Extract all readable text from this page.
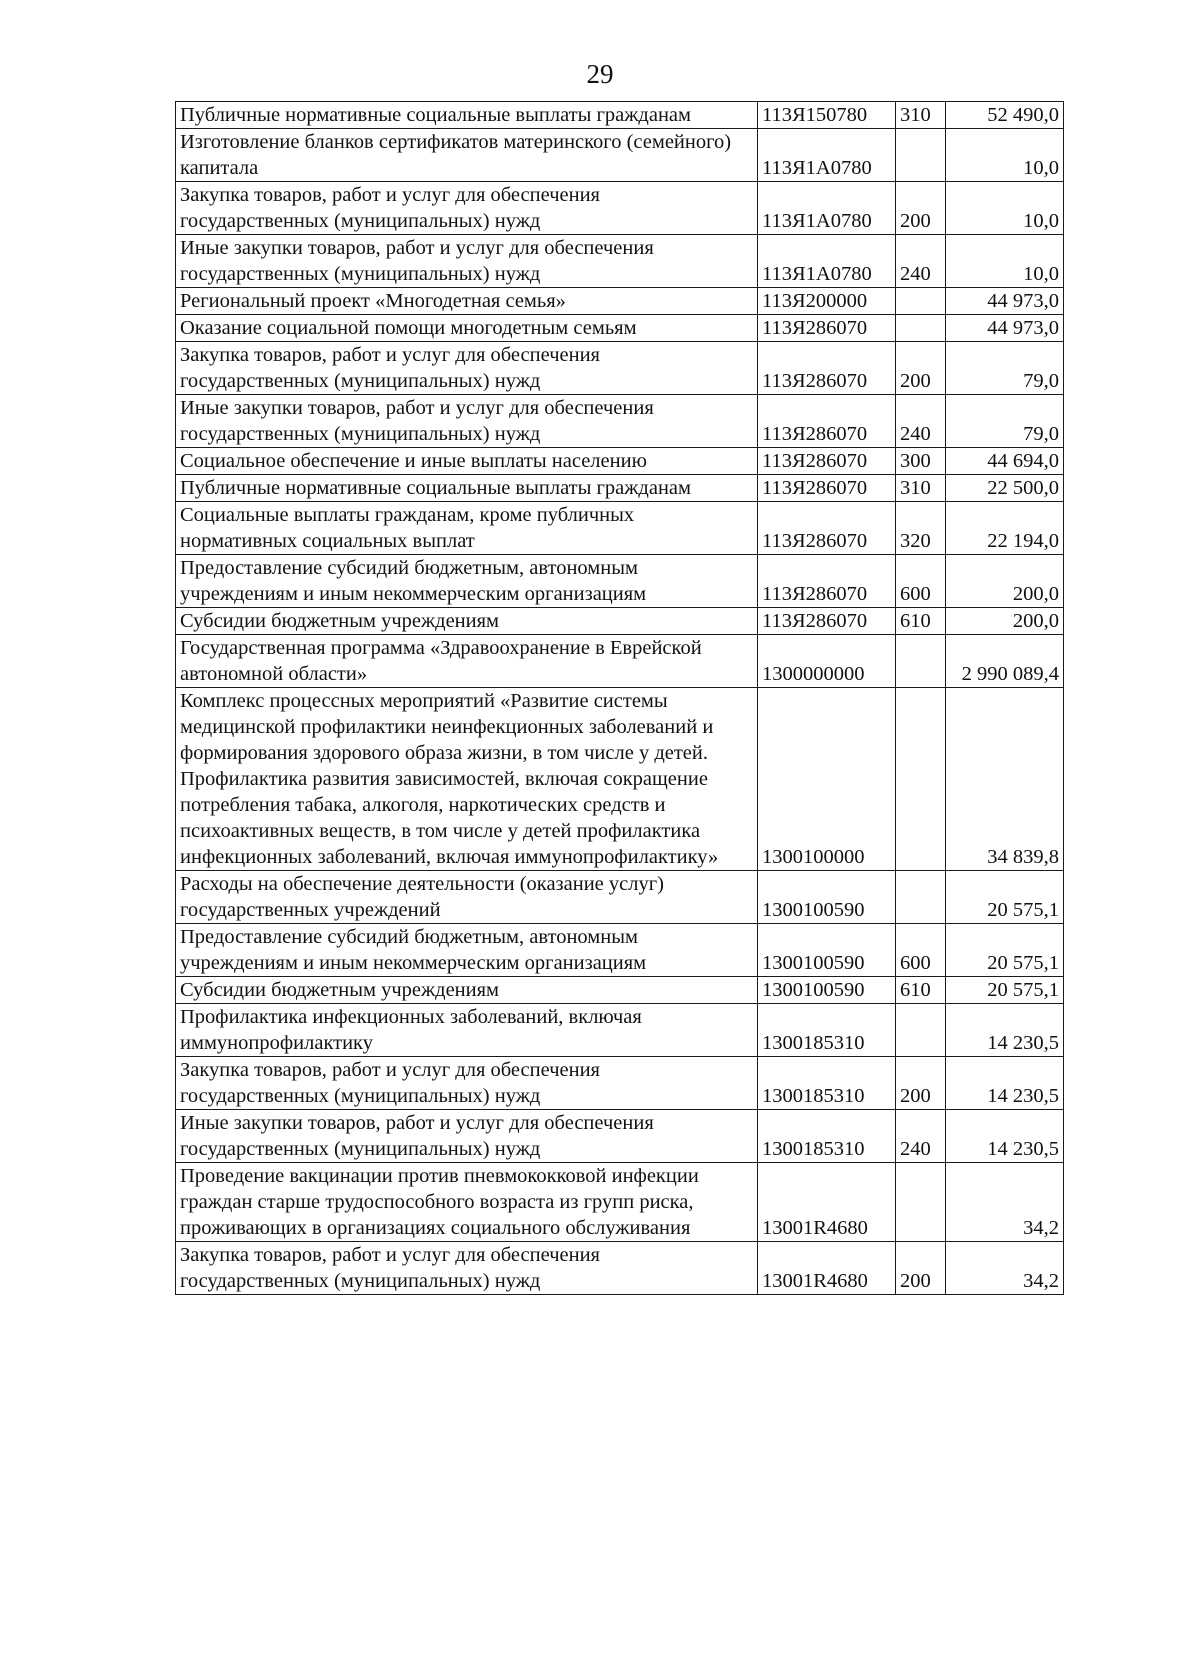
29
Публичные нормативные социальные выплаты гражданам	113Я150780	310	52 490,0
Изготовление бланков сертификатов материнского (семейного) капитала	113Я1А0780		10,0
Закупка товаров, работ и услуг для обеспечения государственных (муниципальных) нужд	113Я1А0780	200	10,0
Иные закупки товаров, работ и услуг для обеспечения государственных (муниципальных) нужд	113Я1А0780	240	10,0
Региональный проект «Многодетная семья»	113Я200000		44 973,0
Оказание социальной помощи многодетным семьям	113Я286070		44 973,0
Закупка товаров, работ и услуг для обеспечения государственных (муниципальных) нужд	113Я286070	200	79,0
Иные закупки товаров, работ и услуг для обеспечения государственных (муниципальных) нужд	113Я286070	240	79,0
Социальное обеспечение и иные выплаты населению	113Я286070	300	44 694,0
Публичные нормативные социальные выплаты гражданам	113Я286070	310	22 500,0
Социальные выплаты гражданам, кроме публичных нормативных социальных выплат	113Я286070	320	22 194,0
Предоставление субсидий бюджетным, автономным учреждениям и иным некоммерческим организациям	113Я286070	600	200,0
Субсидии бюджетным учреждениям	113Я286070	610	200,0
Государственная программа «Здравоохранение в Еврейской автономной области»	1300000000		2 990 089,4
Комплекс процессных мероприятий «Развитие системы медицинской профилактики неинфекционных заболеваний и формирования здорового образа жизни, в том числе у детей. Профилактика развития зависимостей, включая сокращение потребления табака, алкоголя, наркотических средств и психоактивных веществ, в том числе у детей профилактика инфекционных заболеваний, включая иммунопрофилактику»	1300100000		34 839,8
Расходы на обеспечение деятельности (оказание услуг) государственных учреждений	1300100590		20 575,1
Предоставление субсидий бюджетным, автономным учреждениям и иным некоммерческим организациям	1300100590	600	20 575,1
Субсидии бюджетным учреждениям	1300100590	610	20 575,1
Профилактика инфекционных заболеваний, включая иммунопрофилактику	1300185310		14 230,5
Закупка товаров, работ и услуг для обеспечения государственных (муниципальных) нужд	1300185310	200	14 230,5
Иные закупки товаров, работ и услуг для обеспечения государственных (муниципальных) нужд	1300185310	240	14 230,5
Проведение вакцинации против пневмококковой инфекции граждан старше трудоспособного возраста из групп риска, проживающих в организациях социального обслуживания	13001R4680		34,2
Закупка товаров, работ и услуг для обеспечения государственных (муниципальных) нужд	13001R4680	200	34,2
